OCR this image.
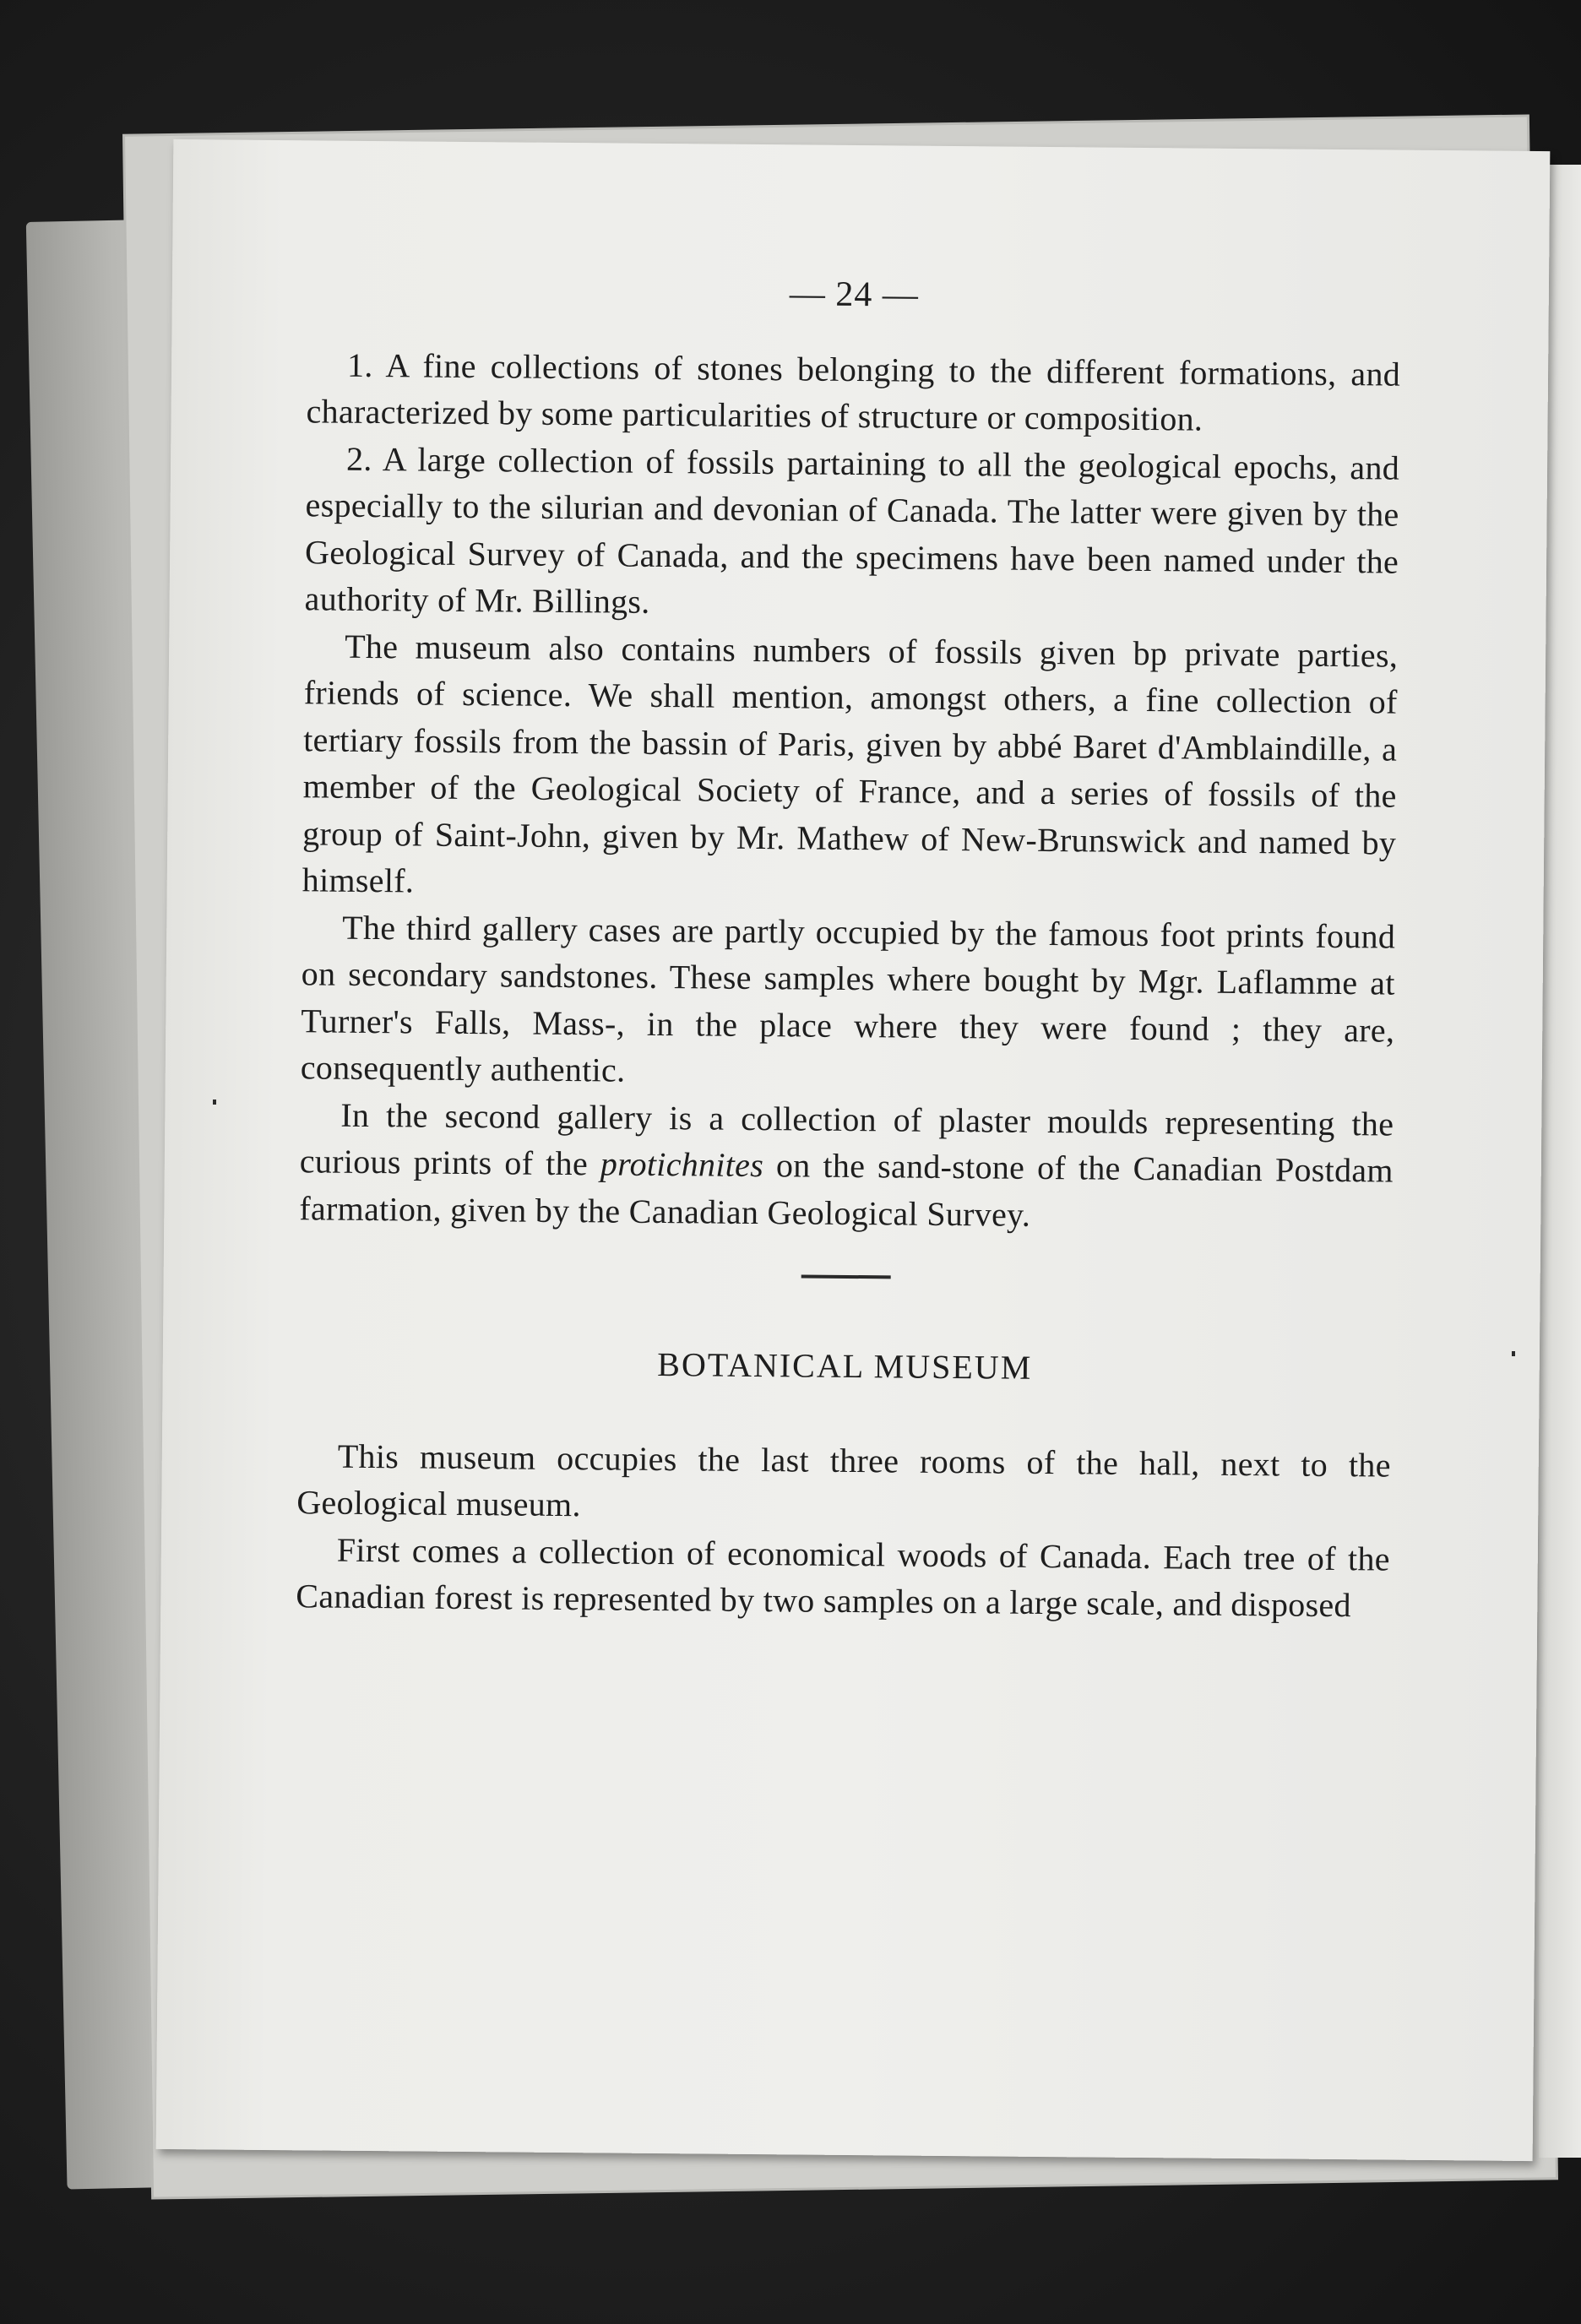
— 24 —

1. A fine collections of stones belonging to the different formations, and characterized by some particularities of structure or composition.

2. A large collection of fossils partaining to all the geological epochs, and especially to the silurian and devonian of Canada. The latter were given by the Geological Survey of Canada, and the specimens have been named under the authority of Mr. Billings.

The museum also contains numbers of fossils given bp private parties, friends of science. We shall mention, amongst others, a fine collection of tertiary fossils from the bassin of Paris, given by abbé Baret d'Amblaindille, a member of the Geological Society of France, and a series of fossils of the group of Saint-John, given by Mr. Mathew of New-Brunswick and named by himself.

The third gallery cases are partly occupied by the famous foot prints found on secondary sandstones. These samples where bought by Mgr. Laflamme at Turner's Falls, Mass-, in the place where they were found ; they are, consequently authentic.

In the second gallery is a collection of plaster moulds representing the curious prints of the protichnites on the sand-stone of the Canadian Postdam farmation, given by the Canadian Geological Survey.

BOTANICAL MUSEUM

This museum occupies the last three rooms of the hall, next to the Geological museum.

First comes a collection of economical woods of Canada. Each tree of the Canadian forest is represented by two samples on a large scale, and disposed
